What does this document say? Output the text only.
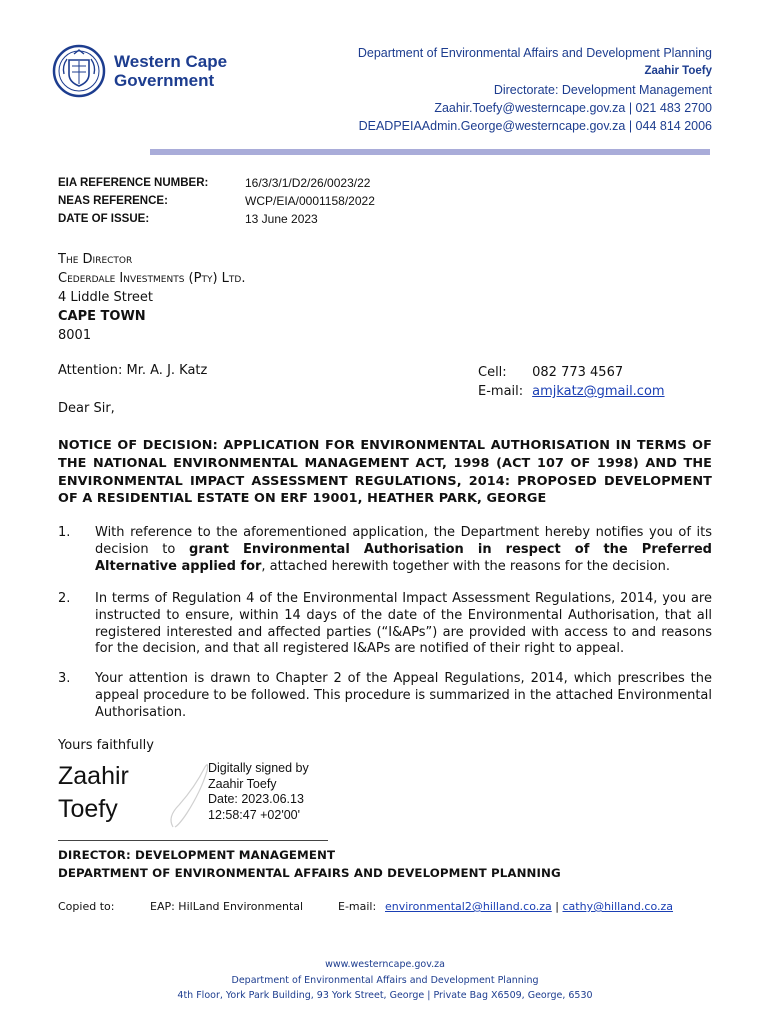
Western Cape
Government
Department of Environmental Affairs and Development Planning
Zaahir Toefy
Directorate: Development Management
Zaahir.Toefy@westerncape.gov.za | 021 483 2700
DEADPEIAAdmin.George@westerncape.gov.za | 044 814 2006
EIA REFERENCE NUMBER:	16/3/3/1/D2/26/0023/22
NEAS REFERENCE:	WCP/EIA/0001158/2022
DATE OF ISSUE:	13 June 2023
The Director
Cederdale Investments (Pty) Ltd.
4 Liddle Street
CAPE TOWN
8001
Attention: Mr. A. J. Katz	Cell: 082 773 4567
E-mail: amjkatz@gmail.com
Dear Sir,
NOTICE OF DECISION: APPLICATION FOR ENVIRONMENTAL AUTHORISATION IN TERMS OF THE NATIONAL ENVIRONMENTAL MANAGEMENT ACT, 1998 (ACT 107 OF 1998) AND THE ENVIRONMENTAL IMPACT ASSESSMENT REGULATIONS, 2014: PROPOSED DEVELOPMENT OF A RESIDENTIAL ESTATE ON ERF 19001, HEATHER PARK, GEORGE
1. With reference to the aforementioned application, the Department hereby notifies you of its decision to grant Environmental Authorisation in respect of the Preferred Alternative applied for, attached herewith together with the reasons for the decision.
2. In terms of Regulation 4 of the Environmental Impact Assessment Regulations, 2014, you are instructed to ensure, within 14 days of the date of the Environmental Authorisation, that all registered interested and affected parties (“I&APs”) are provided with access to and reasons for the decision, and that all registered I&APs are notified of their right to appeal.
3. Your attention is drawn to Chapter 2 of the Appeal Regulations, 2014, which prescribes the appeal procedure to be followed. This procedure is summarized in the attached Environmental Authorisation.
Yours faithfully
Zaahir
Toefy
Digitally signed by
Zaahir Toefy
Date: 2023.06.13
12:58:47 +02'00'
DIRECTOR: DEVELOPMENT MANAGEMENT
DEPARTMENT OF ENVIRONMENTAL AFFAIRS AND DEVELOPMENT PLANNING
Copied to:	EAP: HilLand Environmental	E-mail: environmental2@hilland.co.za | cathy@hilland.co.za
www.westerncape.gov.za
Department of Environmental Affairs and Development Planning
4th Floor, York Park Building, 93 York Street, George | Private Bag X6509, George, 6530
